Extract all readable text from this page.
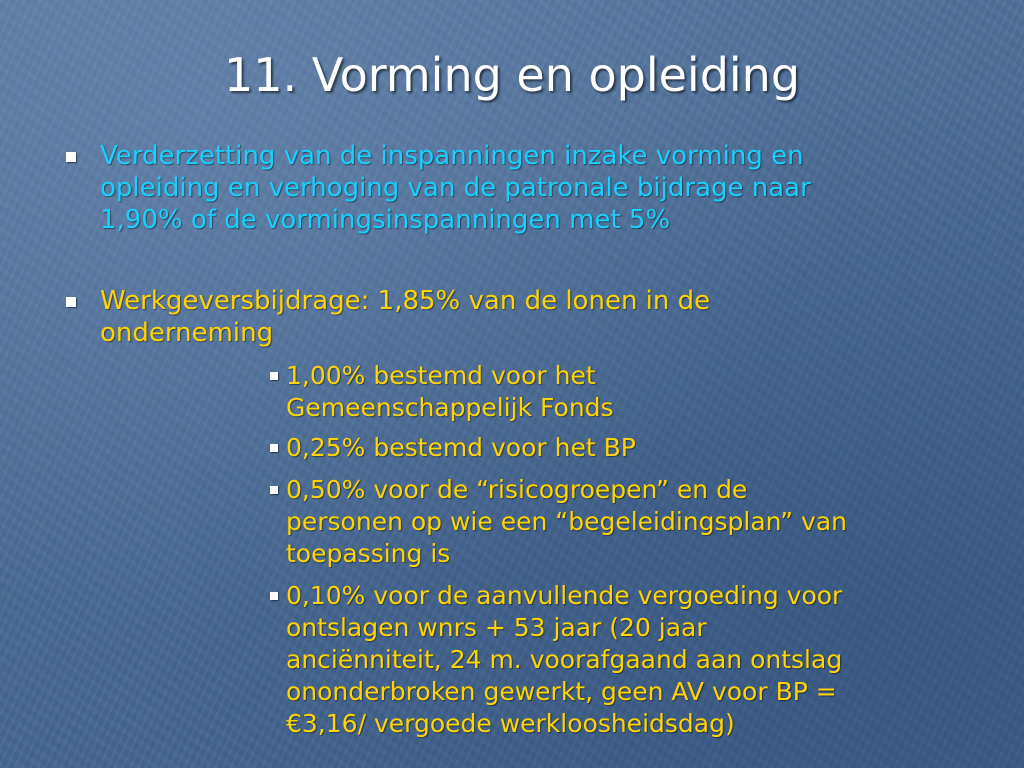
11. Vorming en opleiding
Verderzetting van de inspanningen inzake vorming en
opleiding en verhoging van de patronale bijdrage naar
1,90% of de vormingsinspanningen met 5%
Werkgeversbijdrage: 1,85% van de lonen in de
onderneming
1,00% bestemd voor het
Gemeenschappelijk Fonds
0,25% bestemd voor het BP
0,50% voor de “risicogroepen” en de
personen op wie een “begeleidingsplan” van
toepassing is
0,10% voor de aanvullende vergoeding voor
ontslagen wnrs + 53 jaar (20 jaar
anciënniteit, 24 m. voorafgaand aan ontslag
ononderbroken gewerkt, geen AV voor BP =
€3,16/ vergoede werkloosheidsdag)
